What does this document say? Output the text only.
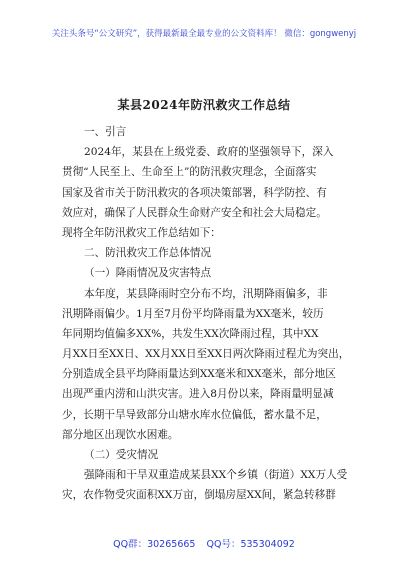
关注头条号“公文研究”，获得最新最全最专业的公文资料库！ 微信：gongwenyj
某县2024年防汛救灾工作总结
一、引言
2024年，某县在上级党委、政府的坚强领导下，深入
贯彻“人民至上、生命至上”的防汛救灾理念，全面落实
国家及省市关于防汛救灾的各项决策部署，科学防控、有
效应对，确保了人民群众生命财产安全和社会大局稳定。
现将全年防汛救灾工作总结如下：
二、防汛救灾工作总体情况
（一）降雨情况及灾害特点
本年度，某县降雨时空分布不均，汛期降雨偏多，非
汛期降雨偏少。1月至7月份平均降雨量为XX毫米，较历
年同期均值偏多XX%，共发生XX次降雨过程，其中XX
月XX日至XX日、XX月XX日至XX日两次降雨过程尤为突出，
分别造成全县平均降雨量达到XX毫米和XX毫米，部分地区
出现严重内涝和山洪灾害。进入8月份以来，降雨量明显减
少，长期干旱导致部分山塘水库水位偏低，蓄水量不足，
部分地区出现饮水困难。
（二）受灾情况
强降雨和干旱双重造成某县XX个乡镇（街道）XX万人受
灾，农作物受灾面积XX万亩，倒塌房屋XX间，紧急转移群
QQ群：30265665 QQ号：535304092
